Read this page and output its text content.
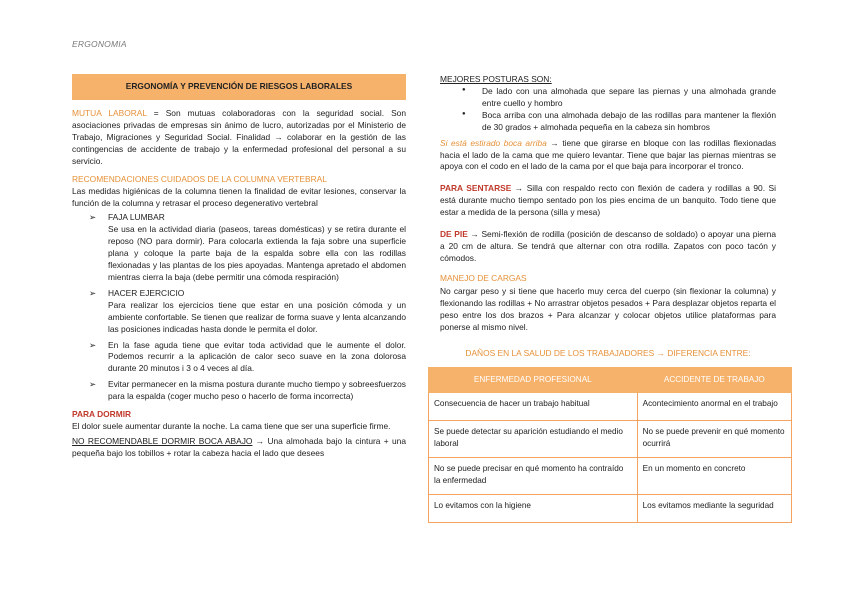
ERGONOMIA
ERGONOMÍA Y PREVENCIÓN DE RIESGOS LABORALES

MUTUA LABORAL = Son mutuas colaboradoras con la seguridad social. Son asociaciones privadas de empresas sin ánimo de lucro, autorizadas por el Ministerio de Trabajo, Migraciones y Seguridad Social. Finalidad → colaborar en la gestión de las contingencias de accidente de trabajo y la enfermedad profesional del personal a su servicio.

RECOMENDACIONES CUIDADOS DE LA COLUMNA VERTEBRAL

Las medidas higiénicas de la columna tienen la finalidad de evitar lesiones, conservar la función de la columna y retrasar el proceso degenerativo vertebral

➢ FAJA LUMBAR
Se usa en la actividad diaria (paseos, tareas domésticas) y se retira durante el reposo (NO para dormir). Para colocarla extienda la faja sobre una superficie plana y coloque la parte baja de la espalda sobre ella con las rodillas flexionadas y las plantas de los pies apoyadas. Mantenga apretado el abdomen mientras cierra la baja (debe permitir una cómoda respiración)
➢ HACER EJERCICIO
Para realizar los ejercicios tiene que estar en una posición cómoda y un ambiente confortable. Se tienen que realizar de forma suave y lenta alcanzando las posiciones indicadas hasta donde le permita el dolor.
➢ En la fase aguda tiene que evitar toda actividad que le aumente el dolor. Podemos recurrir a la aplicación de calor seco suave en la zona dolorosa durante 20 minutos i 3 o 4 veces al día.
➢ Evitar permanecer en la misma postura durante mucho tiempo y sobreesfuerzos para la espalda (coger mucho peso o hacerlo de forma incorrecta)
PARA DORMIR

El dolor suele aumentar durante la noche. La cama tiene que ser una superficie firme.

NO RECOMENDABLE DORMIR BOCA ABAJO → Una almohada bajo la cintura + una pequeña bajo los tobillos + rotar la cabeza hacia el lado que desees

MEJORES POSTURAS SON:
● De lado con una almohada que separe las piernas y una almohada grande entre cuello y hombro
● Boca arriba con una almohada debajo de las rodillas para mantener la flexión de 30 grados + almohada pequeña en la cabeza sin hombros

Si está estirado boca arriba → tiene que girarse en bloque con las rodillas flexionadas hacia el lado de la cama que me quiero levantar. Tiene que bajar las piernas mientras se apoya con el codo en el lado de la cama por el que baja para incorporar el tronco.

PARA SENTARSE → Silla con respaldo recto con flexión de cadera y rodillas a 90. Si está durante mucho tiempo sentado pon los pies encima de un banquito. Todo tiene que estar a medida de la persona (silla y mesa)

DE PIE → Semi-flexión de rodilla (posición de descanso de soldado) o apoyar una pierna a 20 cm de altura. Se tendrá que alternar con otra rodilla. Zapatos con poco tacón y cómodos.

MANEJO DE CARGAS

No cargar peso y si tiene que hacerlo muy cerca del cuerpo (sin flexionar la columna) y flexionando las rodillas + No arrastrar objetos pesados + Para desplazar objetos reparta el peso entre los dos brazos + Para alcanzar y colocar objetos utilice plataformas para ponerse al mismo nivel.

DAÑOS EN LA SALUD DE LOS TRABAJADORES → DIFERENCIA ENTRE:
ENFERMEDAD PROFESIONAL	ACCIDENTE DE TRABAJO
Consecuencia de hacer un trabajo habitual	Acontecimiento anormal en el trabajo
Se puede detectar su aparición estudiando el medio laboral	No se puede prevenir en qué momento ocurrirá
No se puede precisar en qué momento ha contraído la enfermedad	En un momento en concreto
Lo evitamos con la higiene	Los evitamos mediante la seguridad
